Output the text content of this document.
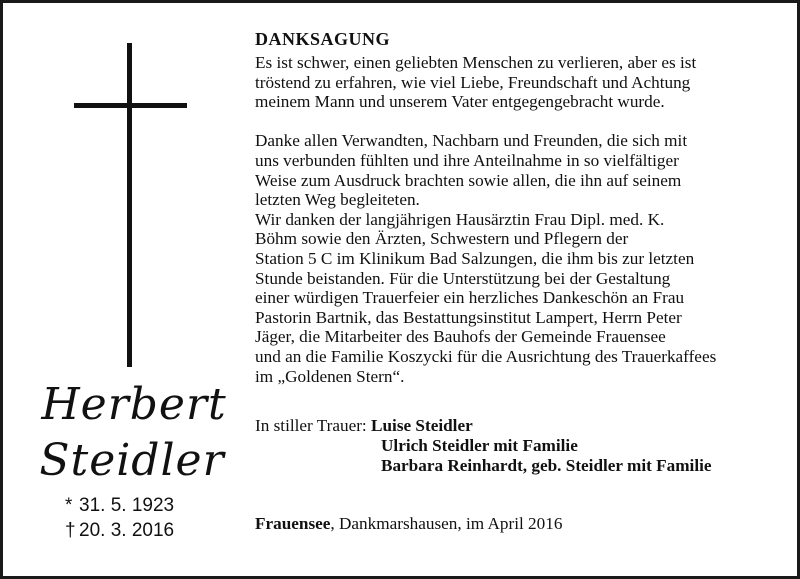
Herbert
Steidler
* 31. 5. 1923
† 20. 3. 2016
DANKSAGUNG
Es ist schwer, einen geliebten Menschen zu verlieren, aber es ist
tröstend zu erfahren, wie viel Liebe, Freundschaft und Achtung
meinem Mann und unserem Vater entgegengebracht wurde.
Danke allen Verwandten, Nachbarn und Freunden, die sich mit
uns verbunden fühlten und ihre Anteilnahme in so vielfältiger
Weise zum Ausdruck brachten sowie allen, die ihn auf seinem
letzten Weg begleiteten.
Wir danken der langjährigen Hausärztin Frau Dipl. med. K.
Böhm sowie den Ärzten, Schwestern und Pflegern der
Station 5 C im Klinikum Bad Salzungen, die ihm bis zur letzten
Stunde beistanden. Für die Unterstützung bei der Gestaltung
einer würdigen Trauerfeier ein herzliches Dankeschön an Frau
Pastorin Bartnik, das Bestattungsinstitut Lampert, Herrn Peter
Jäger, die Mitarbeiter des Bauhofs der Gemeinde Frauensee
und an die Familie Koszycki für die Ausrichtung des Trauerkaffees
im „Goldenen Stern“.
In stiller Trauer: Luise Steidler
Ulrich Steidler mit Familie
Barbara Reinhardt, geb. Steidler mit Familie
Frauensee, Dankmarshausen, im April 2016
